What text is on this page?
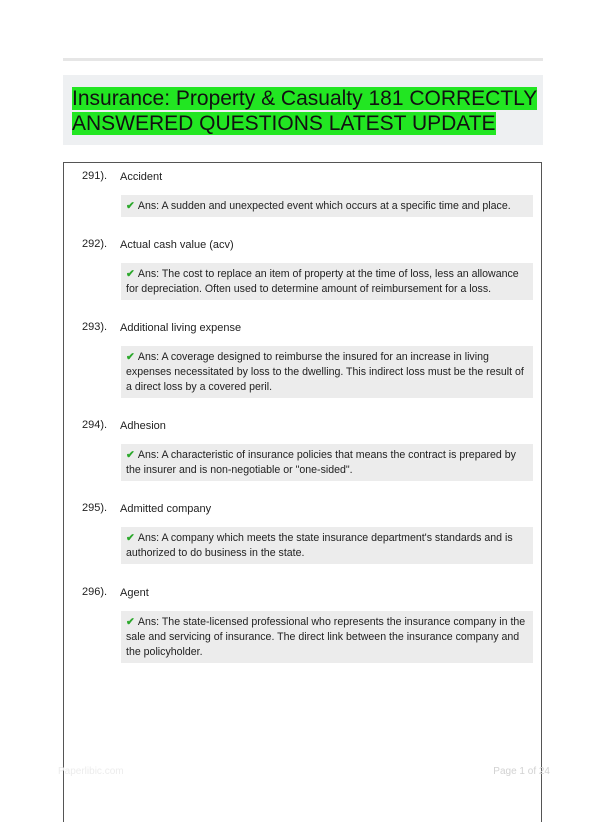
Insurance: Property & Casualty 181 CORRECTLY ANSWERED QUESTIONS LATEST UPDATE
291). Accident
✔ Ans: A sudden and unexpected event which occurs at a specific time and place.
292). Actual cash value (acv)
✔ Ans: The cost to replace an item of property at the time of loss, less an allowance for depreciation. Often used to determine amount of reimbursement for a loss.
293). Additional living expense
✔ Ans: A coverage designed to reimburse the insured for an increase in living expenses necessitated by loss to the dwelling. This indirect loss must be the result of a direct loss by a covered peril.
294). Adhesion
✔ Ans: A characteristic of insurance policies that means the contract is prepared by the insurer and is non-negotiable or "one-sided".
295). Admitted company
✔ Ans: A company which meets the state insurance department's standards and is authorized to do business in the state.
296). Agent
✔ Ans: The state-licensed professional who represents the insurance company in the sale and servicing of insurance. The direct link between the insurance company and the policyholder.
Paperlibic.com	Page 1 of 24
